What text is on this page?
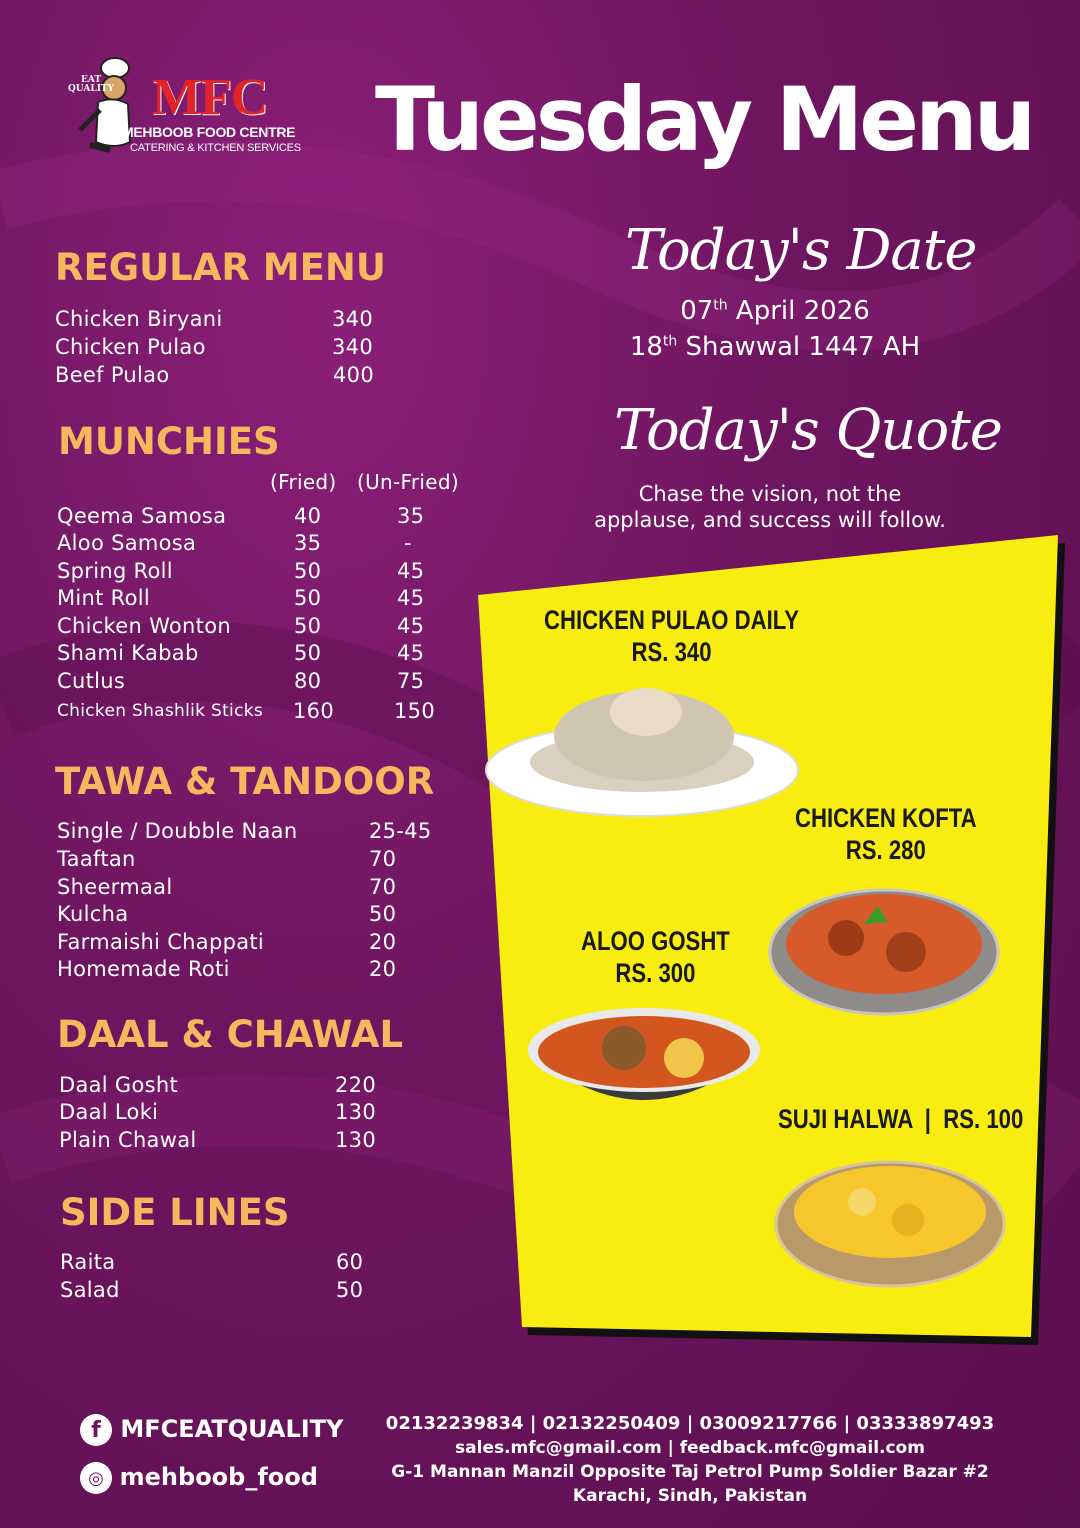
EAT QUALITY MFC
MEHBOOB FOOD CENTRE
CATERING & KITCHEN SERVICES Tuesday Menu
REGULAR MENU
Chicken Biryani	340
Chicken Pulao	340
Beef Pulao	400
MUNCHIES
(Fried) (Un-Fried)
Qeema Samosa	40	35
Aloo Samosa	35	-
Spring Roll	50	45
Mint Roll	50	45
Chicken Wonton	50	45
Shami Kabab	50	45
Cutlus	80	75
Chicken Shashlik Sticks 160	150
TAWA & TANDOOR
Single / Doubble Naan	25-45
Taaftan	70
Sheermaal	70
Kulcha	50
Farmaishi Chappati	20
Homemade Roti	20
DAAL & CHAWAL
Daal Gosht	220
Daal Loki	130
Plain Chawal	130
SIDE LINES
Raita	60
Salad	50
Today's Date
07th April 2026
18th Shawwal 1447 AH
Today's Quote
Chase the vision, not the
applause, and success will follow.
CHICKEN PULAO DAILY
RS. 340
CHICKEN KOFTA
RS. 280
ALOO GOSHT
RS. 300
SUJI HALWA  |  RS. 100
f MFCEATQUALITY
◎ mehboob_food
02132239834 | 02132250409 | 03009217766 | 03333897493
sales.mfc@gmail.com | feedback.mfc@gmail.com
G-1 Mannan Manzil Opposite Taj Petrol Pump Soldier Bazar #2
Karachi, Sindh, Pakistan
